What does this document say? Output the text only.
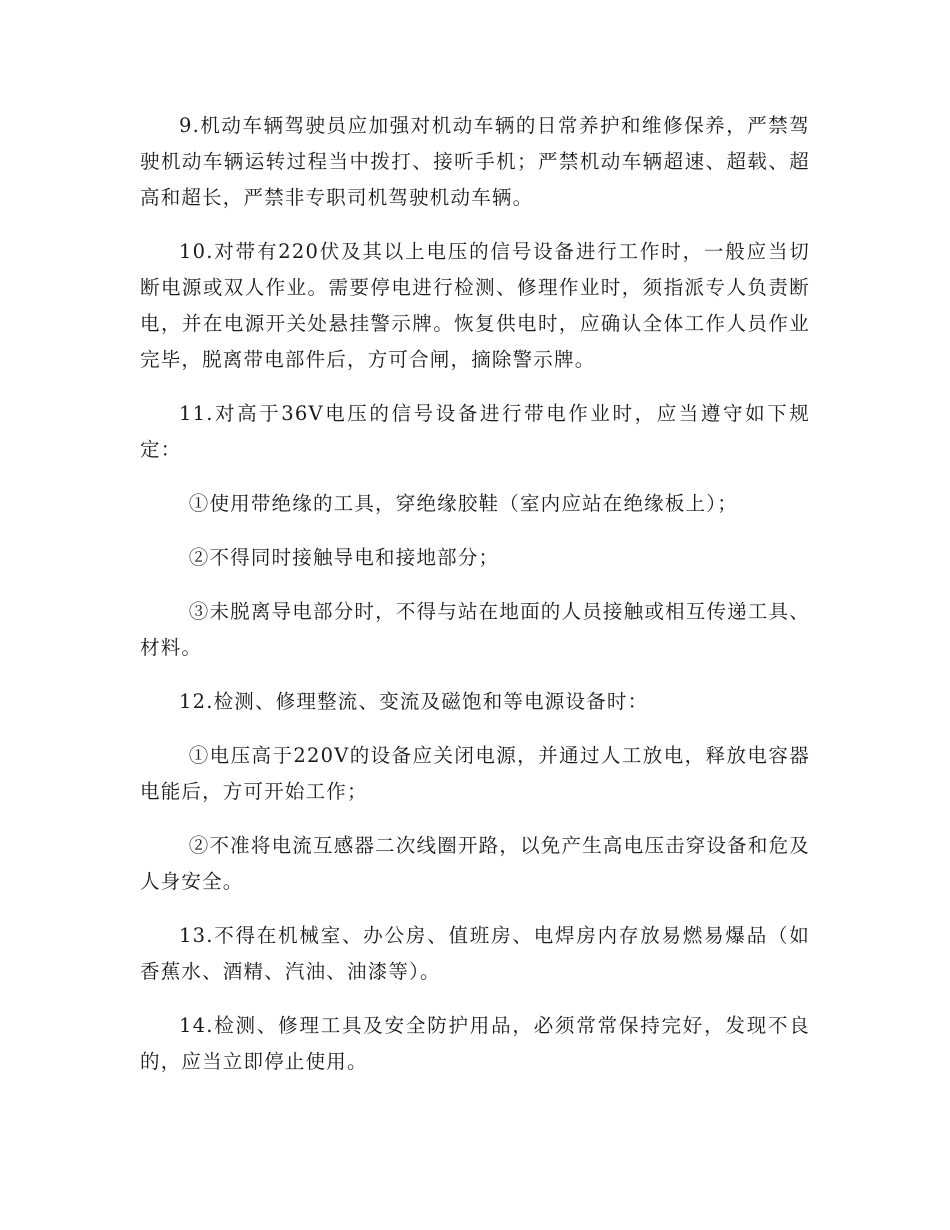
9.机动车辆驾驶员应加强对机动车辆的日常养护和维修保养，严禁驾驶机动车辆运转过程当中拨打、接听手机；严禁机动车辆超速、超载、超高和超长，严禁非专职司机驾驶机动车辆。

10.对带有220伏及其以上电压的信号设备进行工作时，一般应当切断电源或双人作业。需要停电进行检测、修理作业时，须指派专人负责断电，并在电源开关处悬挂警示牌。恢复供电时，应确认全体工作人员作业完毕，脱离带电部件后，方可合闸，摘除警示牌。

11.对高于36V电压的信号设备进行带电作业时，应当遵守如下规定：

①使用带绝缘的工具，穿绝缘胶鞋（室内应站在绝缘板上）；

②不得同时接触导电和接地部分；

③未脱离导电部分时，不得与站在地面的人员接触或相互传递工具、材料。

12.检测、修理整流、变流及磁饱和等电源设备时：

①电压高于220V的设备应关闭电源，并通过人工放电，释放电容器电能后，方可开始工作；

②不准将电流互感器二次线圈开路，以免产生高电压击穿设备和危及人身安全。

13.不得在机械室、办公房、值班房、电焊房内存放易燃易爆品（如香蕉水、酒精、汽油、油漆等）。

14.检测、修理工具及安全防护用品，必须常常保持完好，发现不良的，应当立即停止使用。
